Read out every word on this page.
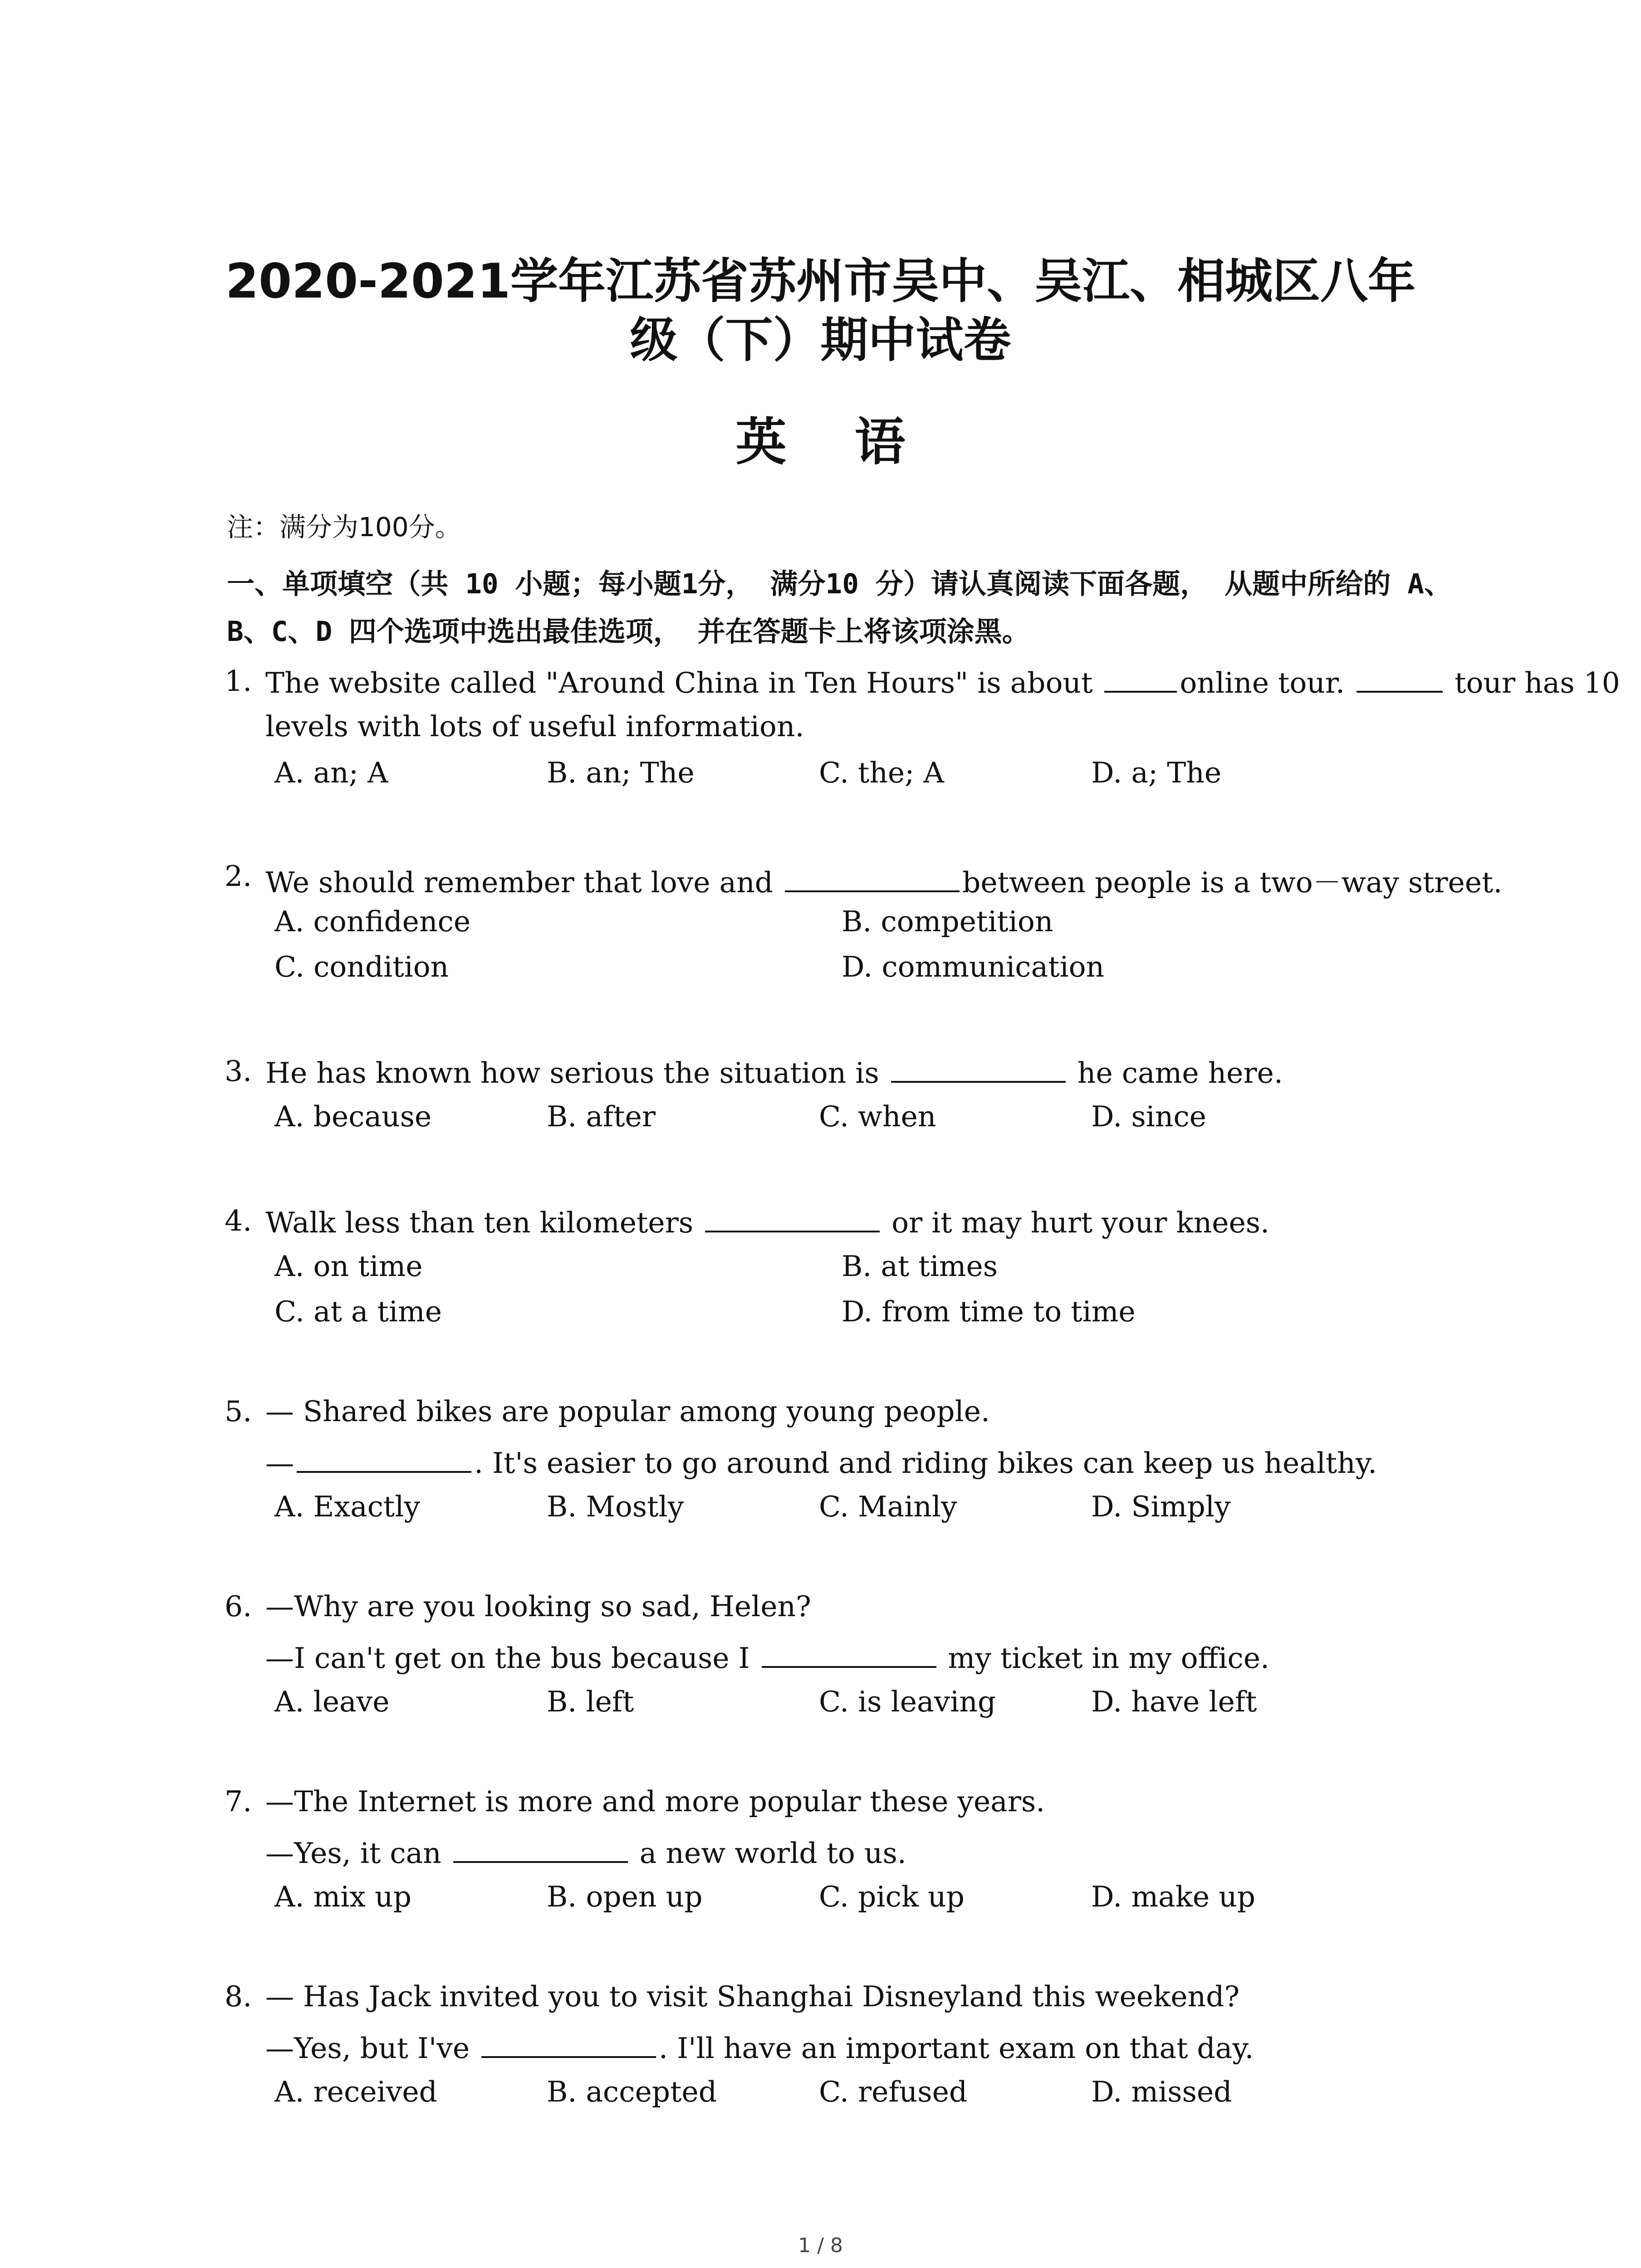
2020-2021学年江苏省苏州市吴中、吴江、相城区八年
级（下）期中试卷
英语
注：满分为100分。
一、单项填空（共 10 小题；每小题1分， 满分10 分）请认真阅读下面各题， 从题中所给的 A、B、C、D 四个选项中选出最佳选项， 并在答题卡上将该项涂黑。
1. The website called "Around China in Ten Hours" is about	online tour.	tour has 10
levels with lots of useful information.
A. an; A	B. an; The	C. the; A	D. a; The
2. We should remember that love and	between people is a two－way street.
A. confidence	B. competition
C. condition	D. communication
3. He has known how serious the situation is	he came here.
A. because	B. after	C. when	D. since
4. Walk less than ten kilometers	or it may hurt your knees.
A. on time	B. at times
C. at a time	D. from time to time
5. — Shared bikes are popular among young people.
—	. It's easier to go around and riding bikes can keep us healthy.
A. Exactly	B. Mostly	C. Mainly	D. Simply
6. —Why are you looking so sad, Helen?
—I can't get on the bus because I	my ticket in my office.
A. leave	B. left	C. is leaving	D. have left
7. —The Internet is more and more popular these years.
—Yes, it can	a new world to us.
A. mix up	B. open up	C. pick up	D. make up
8. — Has Jack invited you to visit Shanghai Disneyland this weekend?
—Yes, but I've	. I'll have an important exam on that day.
A. received	B. accepted	C. refused	D. missed
1 / 8
